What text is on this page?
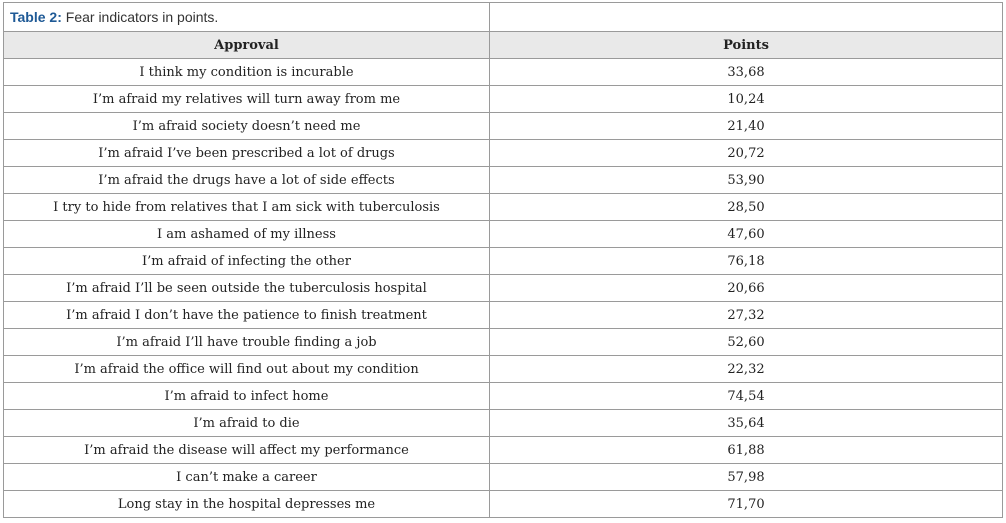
Table 2: Fear indicators in points.	
Approval	Points
I think my condition is incurable	33,68
I’m afraid my relatives will turn away from me	10,24
I’m afraid society doesn’t need me	21,40
I’m afraid I’ve been prescribed a lot of drugs	20,72
I’m afraid the drugs have a lot of side effects	53,90
I try to hide from relatives that I am sick with tuberculosis	28,50
I am ashamed of my illness	47,60
I’m afraid of infecting the other	76,18
I’m afraid I’ll be seen outside the tuberculosis hospital	20,66
I’m afraid I don’t have the patience to finish treatment	27,32
I’m afraid I’ll have trouble finding a job	52,60
I’m afraid the office will find out about my condition	22,32
I’m afraid to infect home	74,54
I’m afraid to die	35,64
I’m afraid the disease will affect my performance	61,88
I can’t make a career	57,98
Long stay in the hospital depresses me	71,70
